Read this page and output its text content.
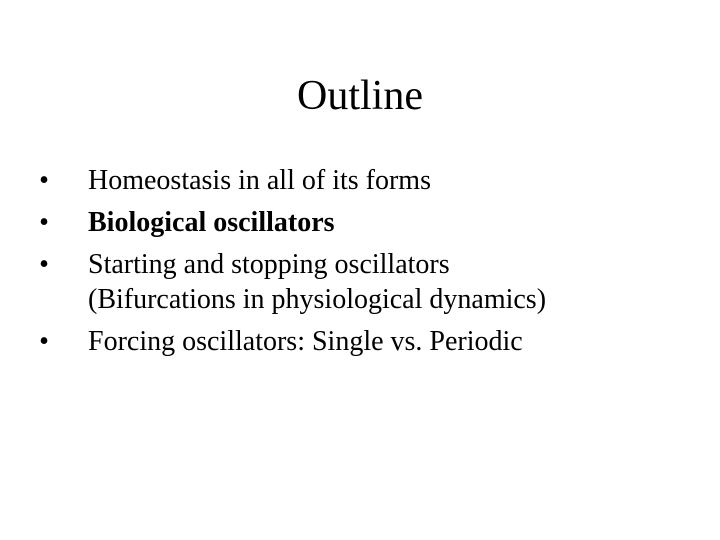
Outline
• Homeostasis in all of its forms
• Biological oscillators
• Starting and stopping oscillators
(Bifurcations in physiological dynamics)
• Forcing oscillators: Single vs. Periodic
